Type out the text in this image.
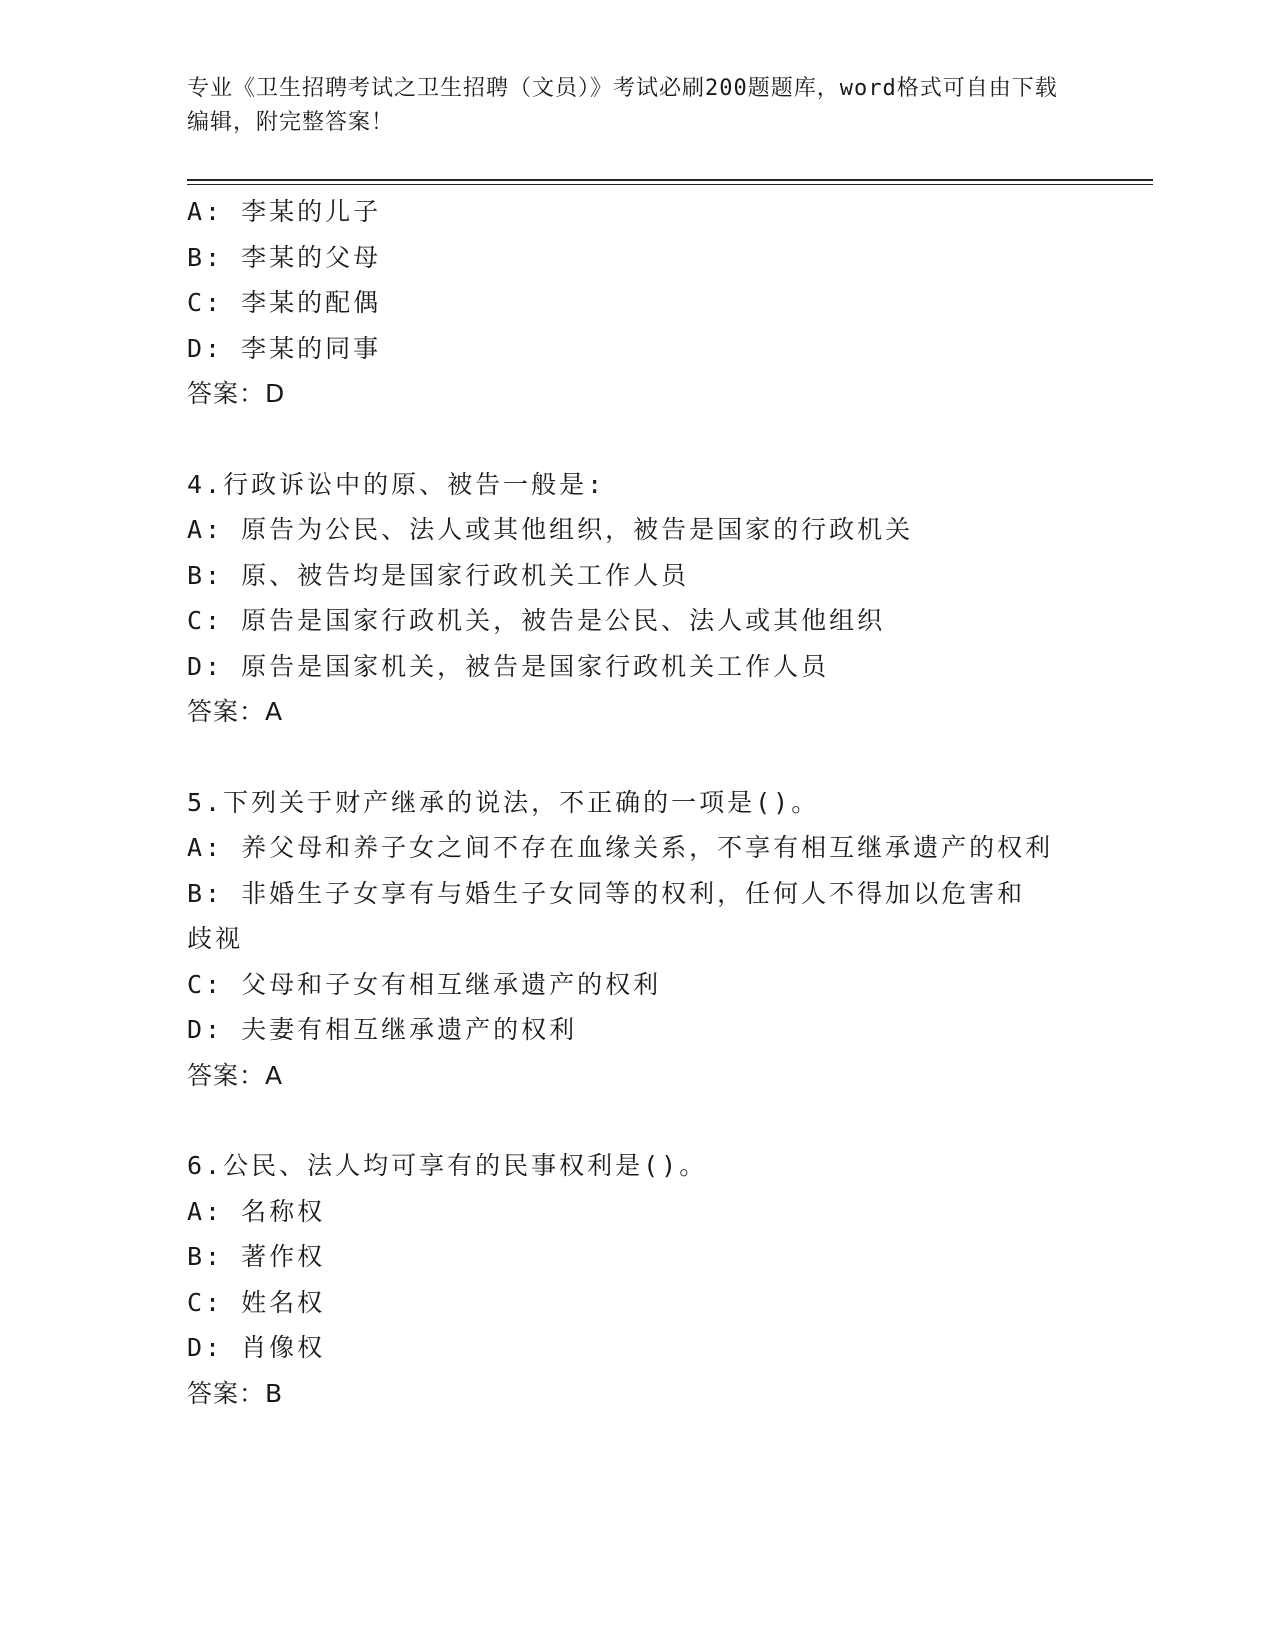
专业《卫生招聘考试之卫生招聘（文员）》考试必刷200题题库，word格式可自由下载编辑，附完整答案！
A: 李某的儿子
B: 李某的父母
C: 李某的配偶
D: 李某的同事
答案：D
4.行政诉讼中的原、被告一般是:
A: 原告为公民、法人或其他组织，被告是国家的行政机关
B: 原、被告均是国家行政机关工作人员
C: 原告是国家行政机关，被告是公民、法人或其他组织
D: 原告是国家机关，被告是国家行政机关工作人员
答案：A
5.下列关于财产继承的说法，不正确的一项是()。
A: 养父母和养子女之间不存在血缘关系，不享有相互继承遗产的权利
B: 非婚生子女享有与婚生子女同等的权利，任何人不得加以危害和歧视
C: 父母和子女有相互继承遗产的权利
D: 夫妻有相互继承遗产的权利
答案：A
6.公民、法人均可享有的民事权利是()。
A: 名称权
B: 著作权
C: 姓名权
D: 肖像权
答案：B
